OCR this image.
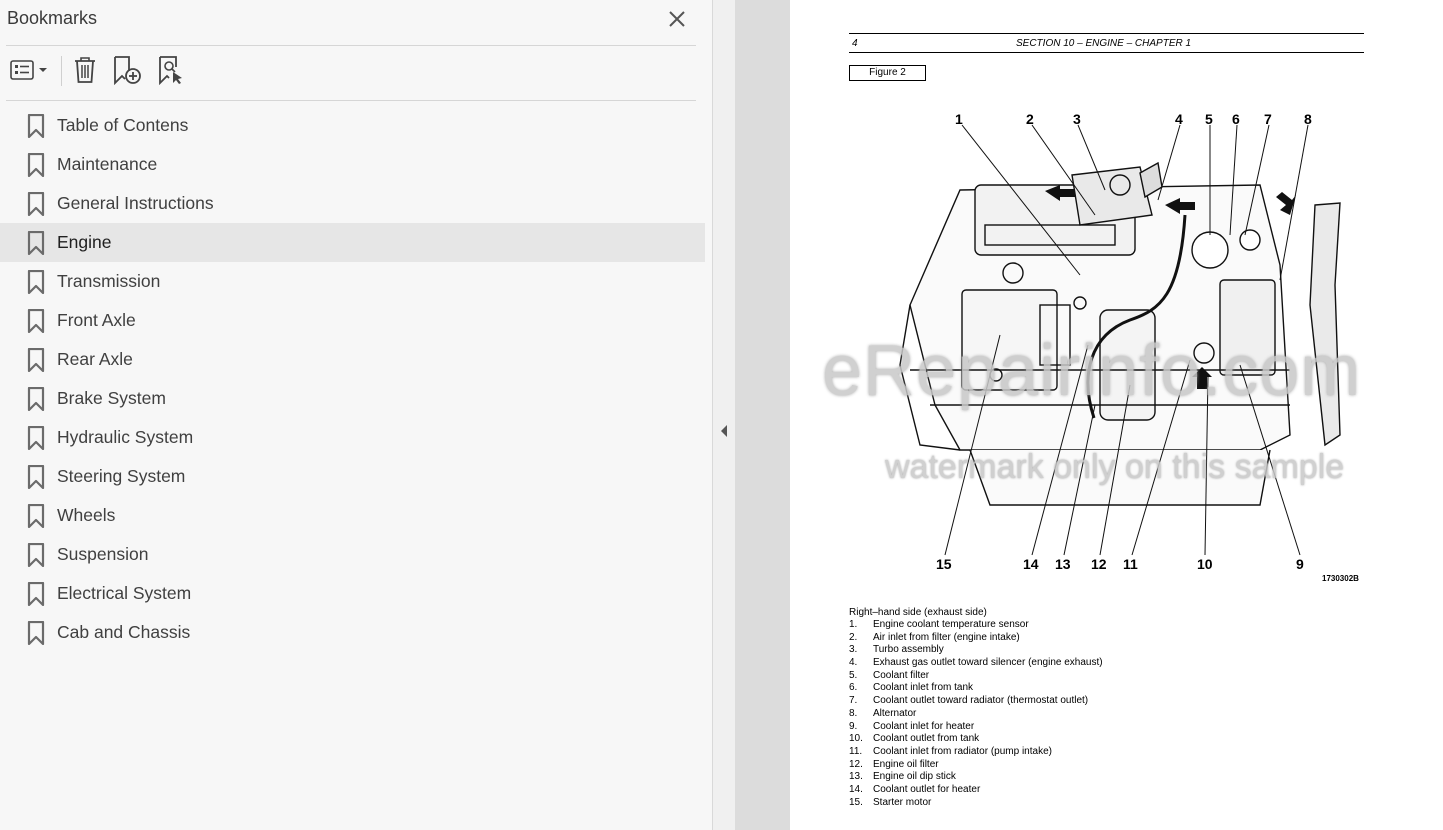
Bookmarks
Table of Contens
Maintenance
General Instructions
Engine
Transmission
Front Axle
Rear Axle
Brake System
Hydraulic System
Steering System
Wheels
Suspension
Electrical System
Cab and Chassis
4	SECTION 10 – ENGINE – CHAPTER 1
Figure 2
1	2	3	4 5 6 7 8
15	14 13 12 11	10	9
1730302B
Right–hand side (exhaust side)
1. Engine coolant temperature sensor
2. Air inlet from filter (engine intake)
3. Turbo assembly
4. Exhaust gas outlet toward silencer (engine exhaust)
5. Coolant filter
6. Coolant inlet from tank
7. Coolant outlet toward radiator (thermostat outlet)
8. Alternator
9. Coolant inlet for heater
10. Coolant outlet from tank
11. Coolant inlet from radiator (pump intake)
12. Engine oil filter
13. Engine oil dip stick
14. Coolant outlet for heater
15. Starter motor
eRepairinfo.com
watermark only on this sample
